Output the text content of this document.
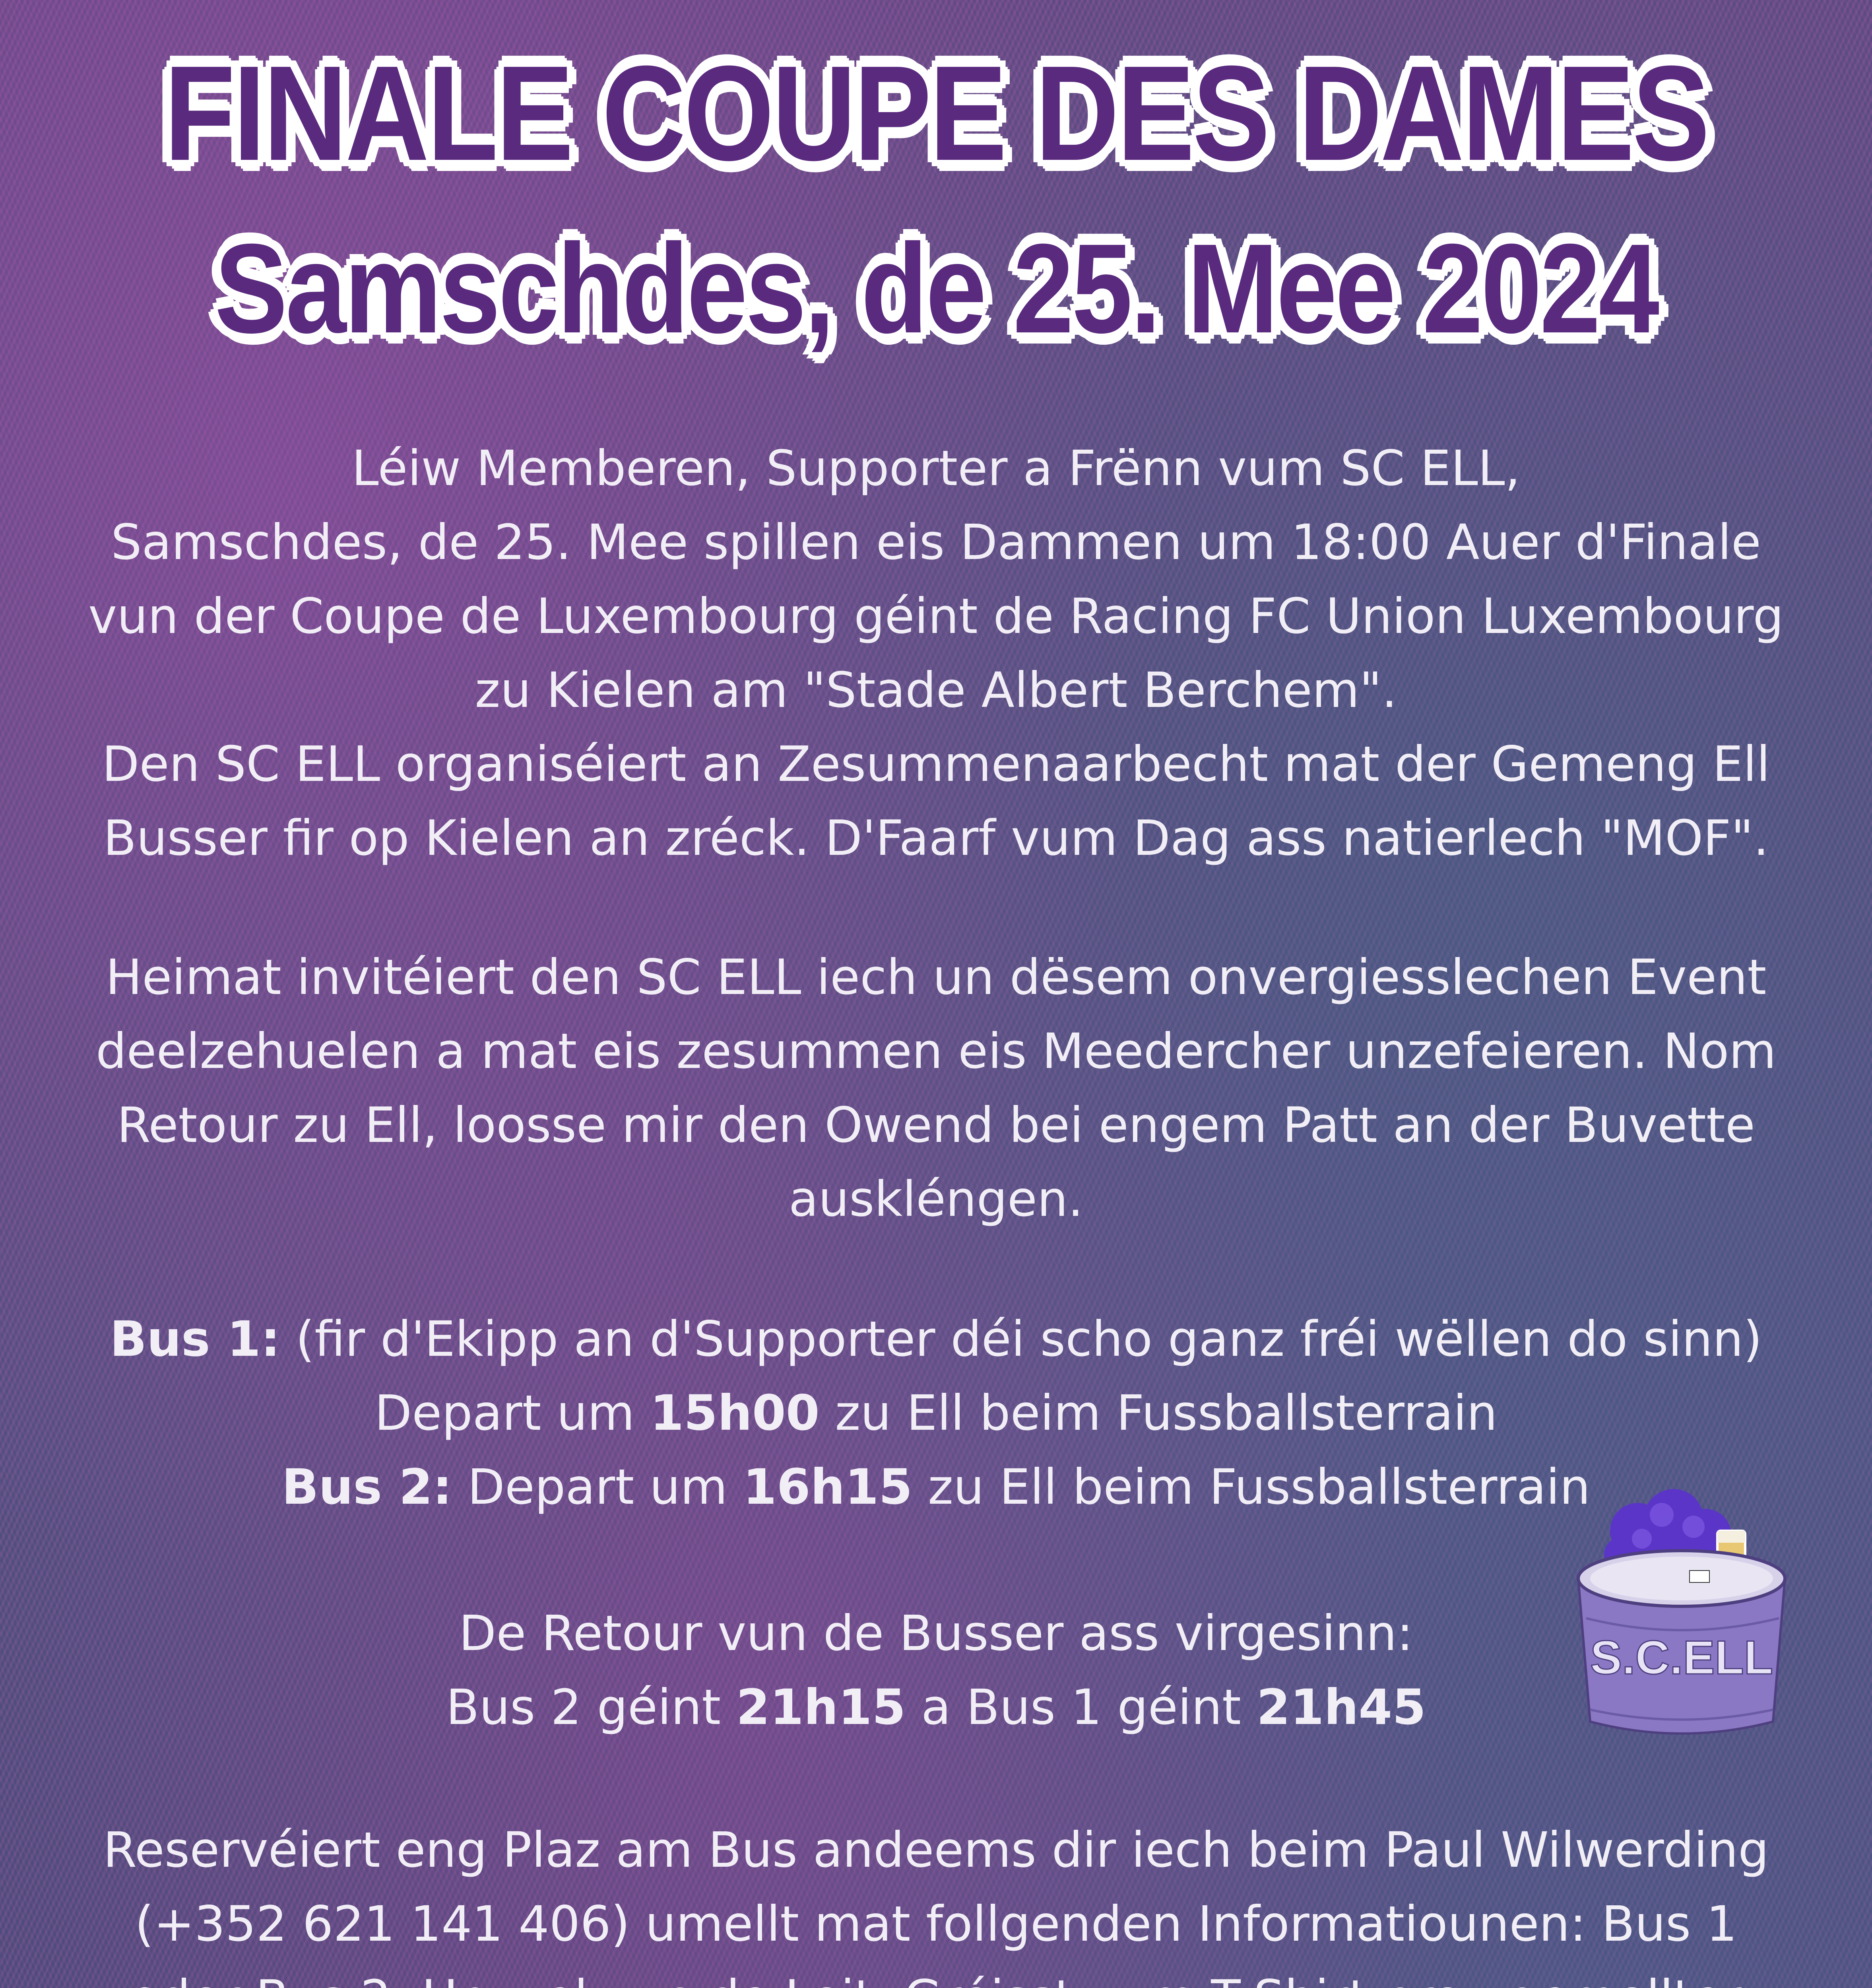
FINALE COUPE DES DAMES
Samschdes, de 25. Mee 2024

Léiw Memberen, Supporter a Frënn vum SC ELL,

Samschdes, de 25. Mee spillen eis Dammen um 18:00 Auer d'Finale

vun der Coupe de Luxembourg géint de Racing FC Union Luxembourg

zu Kielen am "Stade Albert Berchem".

Den SC ELL organiséiert an Zesummenaarbecht mat der Gemeng Ell

Busser fir op Kielen an zréck. D'Faarf vum Dag ass natierlech "MOF".

Heimat invitéiert den SC ELL iech un dësem onvergiesslechen Event

deelzehuelen a mat eis zesummen eis Meedercher unzefeieren. Nom

Retour zu Ell, loosse mir den Owend bei engem Patt an der Buvette

auskléngen.

Bus 1: (fir d'Ekipp an d'Supporter déi scho ganz fréi wëllen do sinn)

Depart um 15h00 zu Ell beim Fussballsterrain

Bus 2: Depart um 16h15 zu Ell beim Fussballsterrain

De Retour vun de Busser ass virgesinn:

Bus 2 géint 21h15 a Bus 1 géint 21h45

Reservéiert eng Plaz am Bus andeems dir iech beim Paul Wilwerding

(+352 621 141 406) umellt mat follgenden Informatiounen: Bus 1

S.C.ELL
